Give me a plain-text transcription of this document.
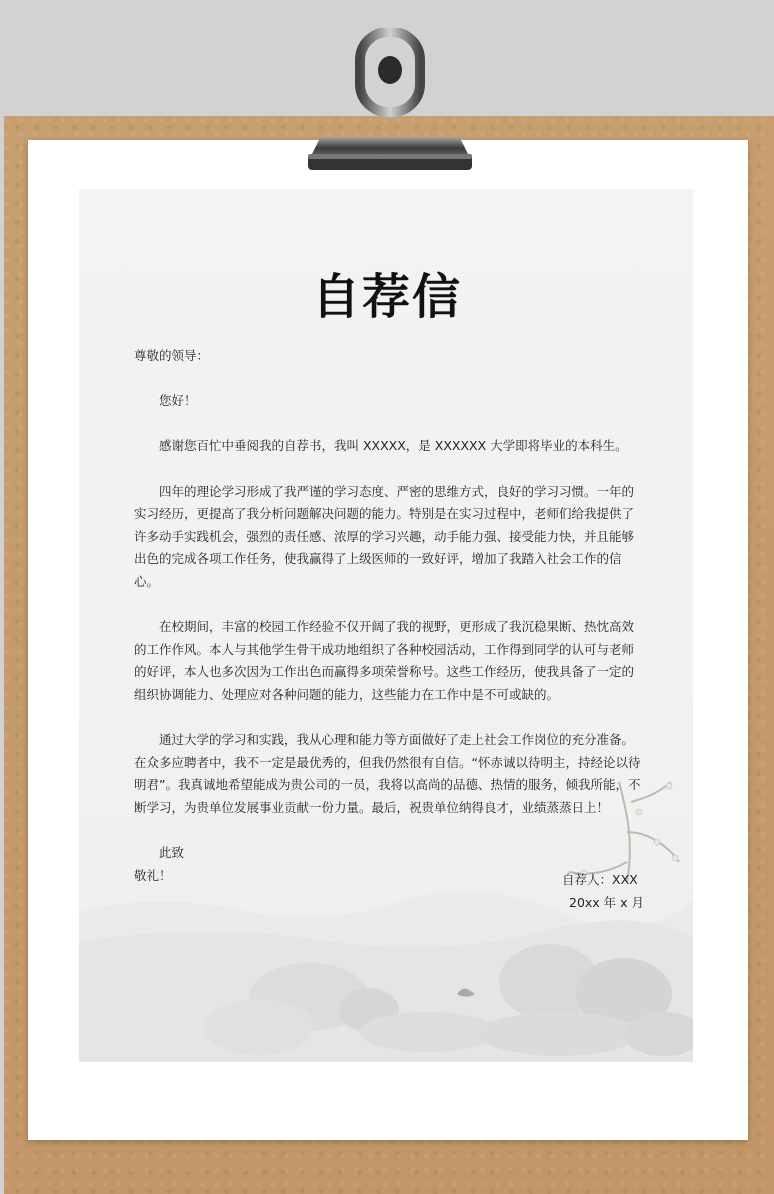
自荐信

尊敬的领导：

您好！

感谢您百忙中垂阅我的自荐书，我叫 XXXXX，是 XXXXXX 大学即将毕业的本科生。

四年的理论学习形成了我严谨的学习态度、严密的思维方式，良好的学习习惯。一年的实习经历，更提高了我分析问题解决问题的能力。特别是在实习过程中，老师们给我提供了许多动手实践机会，强烈的责任感、浓厚的学习兴趣，动手能力强、接受能力快，并且能够出色的完成各项工作任务，使我赢得了上级医师的一致好评，增加了我踏入社会工作的信心。

在校期间，丰富的校园工作经验不仅开阔了我的视野，更形成了我沉稳果断、热忱高效的工作作风。本人与其他学生骨干成功地组织了各种校园活动，工作得到同学的认可与老师的好评，本人也多次因为工作出色而赢得多项荣誉称号。这些工作经历，使我具备了一定的组织协调能力、处理应对各种问题的能力，这些能力在工作中是不可或缺的。

通过大学的学习和实践，我从心理和能力等方面做好了走上社会工作岗位的充分准备。在众多应聘者中，我不一定是最优秀的，但我仍然很有自信。“怀赤诚以待明主，持经论以待明君”。我真诚地希望能成为贵公司的一员，我将以高尚的品德、热情的服务，倾我所能，不断学习，为贵单位发展事业贡献一份力量。最后，祝贵单位纳得良才，业绩蒸蒸日上！

此致

敬礼！	自荐人：XXX

20xx 年 x 月
